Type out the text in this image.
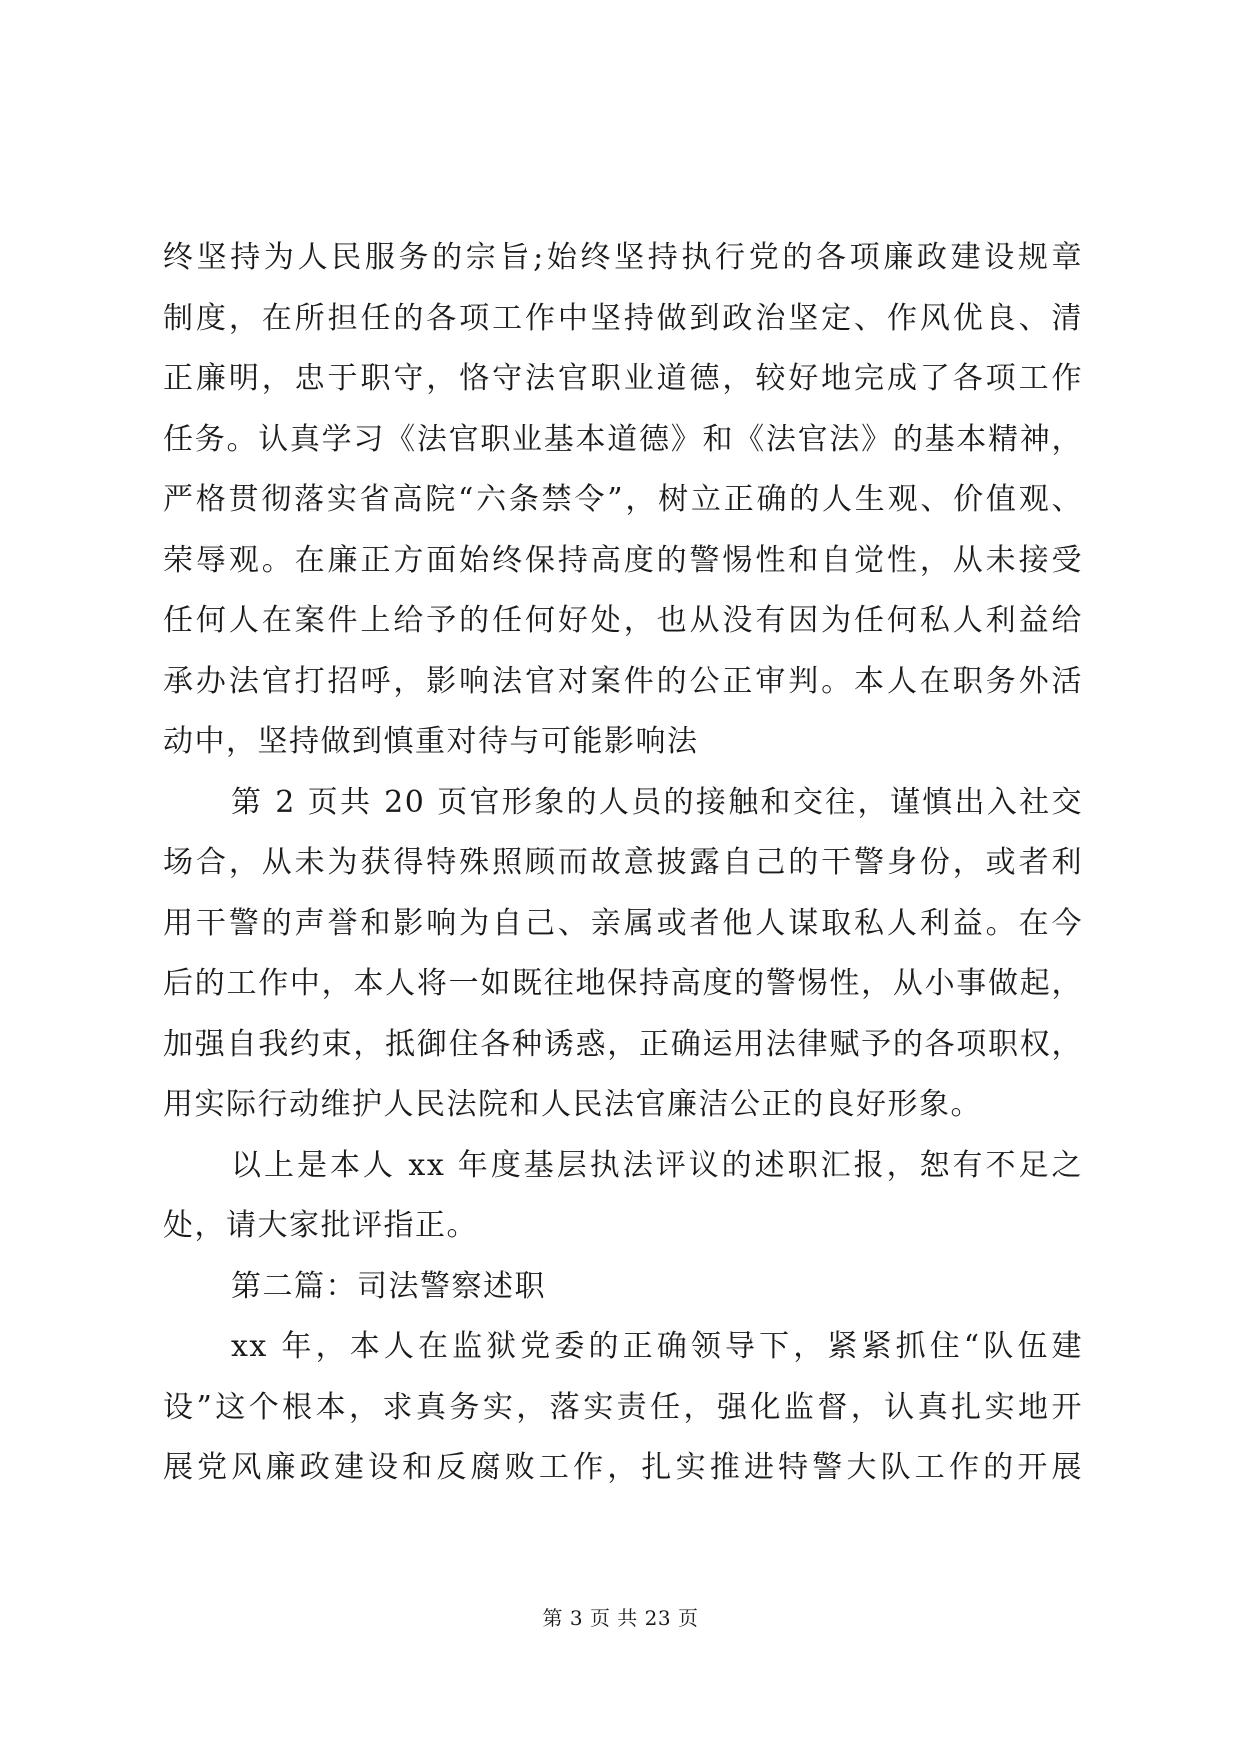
终坚持为人民服务的宗旨;始终坚持执行党的各项廉政建设规章
制度，在所担任的各项工作中坚持做到政治坚定、作风优良、清
正廉明，忠于职守，恪守法官职业道德，较好地完成了各项工作
任务。认真学习《法官职业基本道德》和《法官法》的基本精神，
严格贯彻落实省高院“六条禁令”，树立正确的人生观、价值观、
荣辱观。在廉正方面始终保持高度的警惕性和自觉性，从未接受
任何人在案件上给予的任何好处，也从没有因为任何私人利益给
承办法官打招呼，影响法官对案件的公正审判。本人在职务外活
动中，坚持做到慎重对待与可能影响法
第 2 页共 20 页官形象的人员的接触和交往，谨慎出入社交
场合，从未为获得特殊照顾而故意披露自己的干警身份，或者利
用干警的声誉和影响为自己、亲属或者他人谋取私人利益。在今
后的工作中，本人将一如既往地保持高度的警惕性，从小事做起，
加强自我约束，抵御住各种诱惑，正确运用法律赋予的各项职权，
用实际行动维护人民法院和人民法官廉洁公正的良好形象。
以上是本人 xx 年度基层执法评议的述职汇报，恕有不足之
处，请大家批评指正。
第二篇：司法警察述职
xx 年，本人在监狱党委的正确领导下，紧紧抓住“队伍建
设”这个根本，求真务实，落实责任，强化监督，认真扎实地开
展党风廉政建设和反腐败工作，扎实推进特警大队工作的开展
第 3 页 共 23 页
